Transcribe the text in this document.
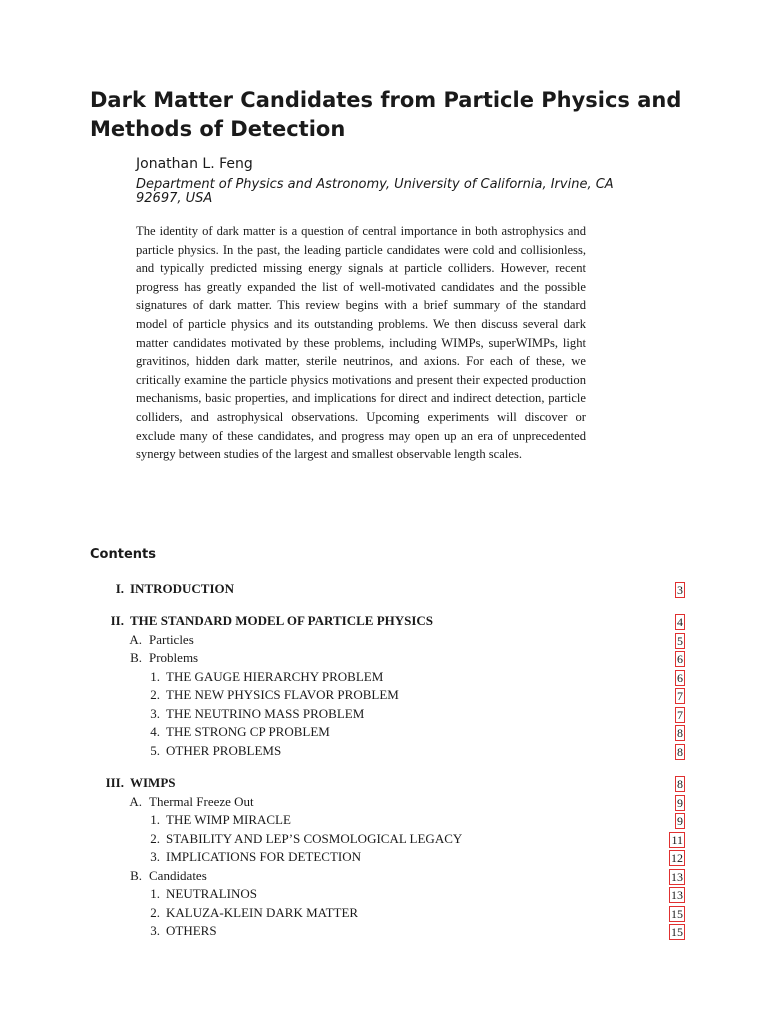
Dark Matter Candidates from Particle Physics and Methods of Detection

Jonathan L. Feng

Department of Physics and Astronomy, University of California, Irvine, CA 92697, USA

The identity of dark matter is a question of central importance in both astrophysics and particle physics. In the past, the leading particle candidates were cold and collisionless, and typically predicted missing energy signals at particle colliders. However, recent progress has greatly expanded the list of well-motivated candidates and the possible signatures of dark matter. This review begins with a brief summary of the standard model of particle physics and its outstanding problems. We then discuss several dark matter candidates motivated by these problems, including WIMPs, superWIMPs, light gravitinos, hidden dark matter, sterile neutrinos, and axions. For each of these, we critically examine the particle physics motivations and present their expected production mechanisms, basic properties, and implications for direct and indirect detection, particle colliders, and astrophysical observations. Upcoming experiments will discover or exclude many of these candidates, and progress may open up an era of unprecedented synergy between studies of the largest and smallest observable length scales.

Contents
I. INTRODUCTION	3
II. THE STANDARD MODEL OF PARTICLE PHYSICS	4
A. Particles	5
B. Problems	6
1. THE GAUGE HIERARCHY PROBLEM	6
2. THE NEW PHYSICS FLAVOR PROBLEM	7
3. THE NEUTRINO MASS PROBLEM	7
4. THE STRONG CP PROBLEM	8
5. OTHER PROBLEMS	8
III. WIMPS	8
A. Thermal Freeze Out	9
1. THE WIMP MIRACLE	9
2. STABILITY AND LEP’S COSMOLOGICAL LEGACY	11
3. IMPLICATIONS FOR DETECTION	12
B. Candidates	13
1. NEUTRALINOS	13
2. KALUZA-KLEIN DARK MATTER	15
3. OTHERS	15
